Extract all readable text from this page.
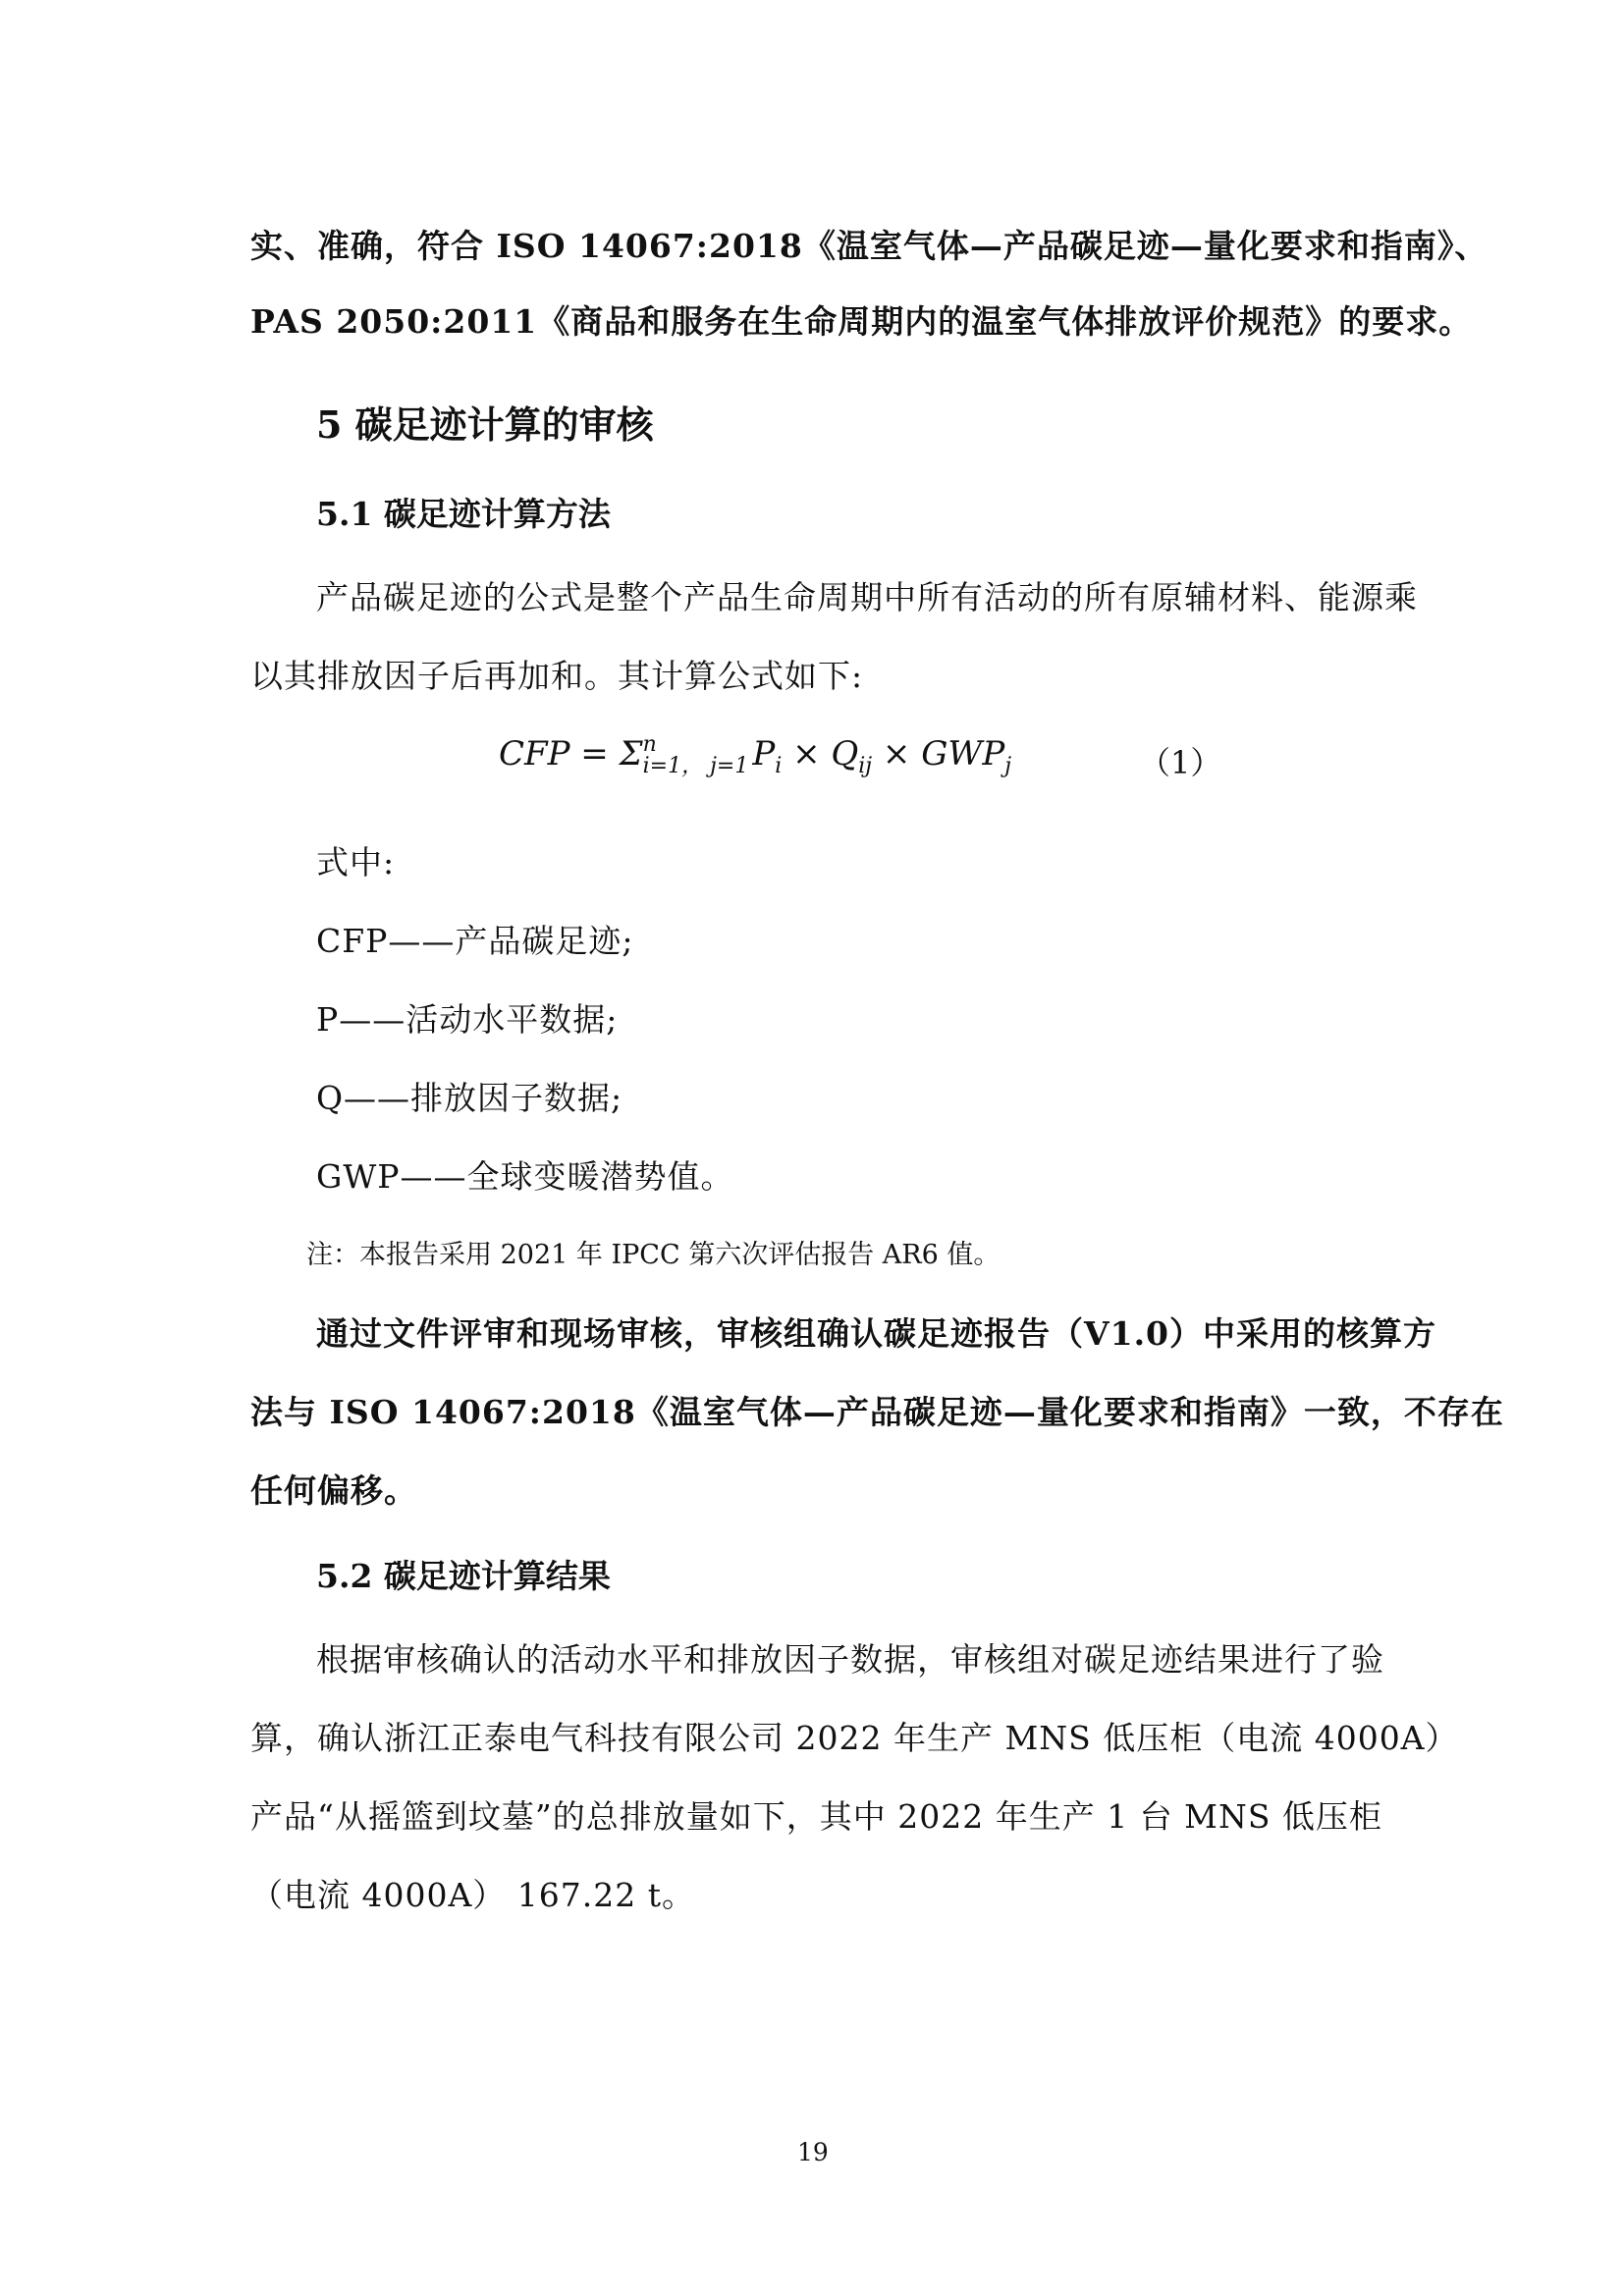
实、准确，符合 ISO 14067:2018《温室气体—产品碳足迹—量化要求和指南》、
PAS 2050:2011《商品和服务在生命周期内的温室气体排放评价规范》的要求。
5 碳足迹计算的审核
5.1 碳足迹计算方法
产品碳足迹的公式是整个产品生命周期中所有活动的所有原辅材料、能源乘
以其排放因子后再加和。其计算公式如下:
CFP = Σ n
i=1， j=1 $P_i \times Q_{ij} \times GWP_j$	（1）
式中:
CFP——产品碳足迹;
P——活动水平数据;
Q——排放因子数据;
GWP——全球变暖潜势值。
注：本报告采用 2021 年 IPCC 第六次评估报告 AR6 值。
通过文件评审和现场审核，审核组确认碳足迹报告（V1.0）中采用的核算方
法与 ISO 14067:2018《温室气体—产品碳足迹—量化要求和指南》一致，不存在
任何偏移。
5.2 碳足迹计算结果
根据审核确认的活动水平和排放因子数据，审核组对碳足迹结果进行了验
算，确认浙江正泰电气科技有限公司 2022 年生产 MNS 低压柜（电流 4000A）
产品“从摇篮到坟墓”的总排放量如下，其中 2022 年生产 1 台 MNS 低压柜
（电流 4000A） 167.22 t。
19
